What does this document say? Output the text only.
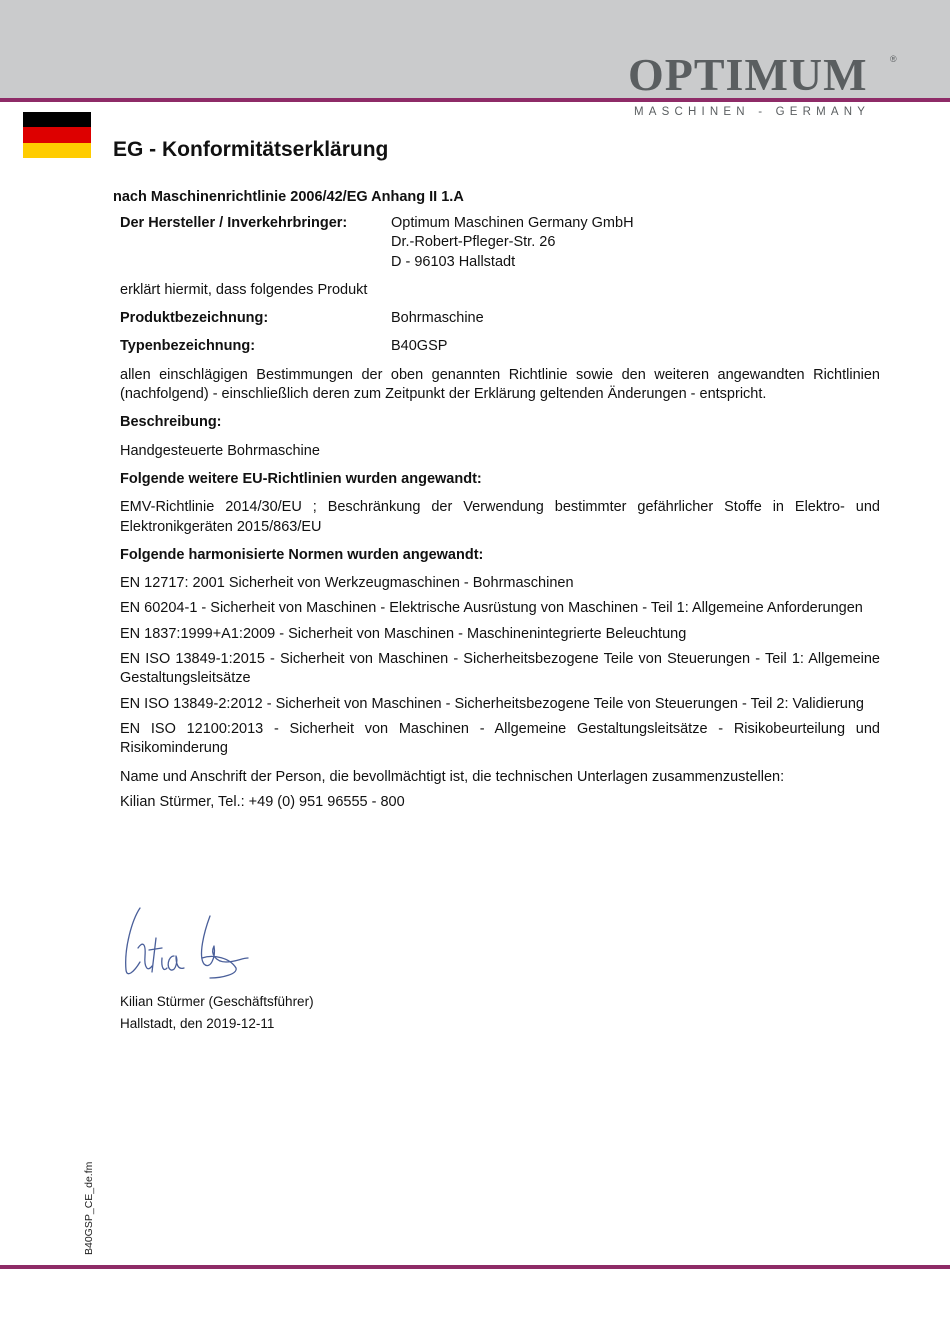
OPTIMUM ®
MASCHINEN - GERMANY
EG - Konformitätserklärung
nach Maschinenrichtlinie 2006/42/EG Anhang II 1.A
Der Hersteller / Inverkehrbringer:	Optimum Maschinen Germany GmbH
Dr.-Robert-Pfleger-Str. 26
D - 96103 Hallstadt

erklärt hiermit, dass folgendes Produkt

Produktbezeichnung:	Bohrmaschine
Typenbezeichnung:	B40GSP

allen einschlägigen Bestimmungen der oben genannten Richtlinie sowie den weiteren angewandten Richtlinien (nachfolgend) - einschließlich deren zum Zeitpunkt der Erklärung geltenden Änderungen - entspricht.

Beschreibung:

Handgesteuerte Bohrmaschine

Folgende weitere EU-Richtlinien wurden angewandt:

EMV-Richtlinie 2014/30/EU ; Beschränkung der Verwendung bestimmter gefährlicher Stoffe in Elektro- und Elektronikgeräten 2015/863/EU

Folgende harmonisierte Normen wurden angewandt:

EN 12717: 2001 Sicherheit von Werkzeugmaschinen - Bohrmaschinen

EN 60204-1 - Sicherheit von Maschinen - Elektrische Ausrüstung von Maschinen - Teil 1: Allgemeine Anforderungen

EN 1837:1999+A1:2009 - Sicherheit von Maschinen - Maschinenintegrierte Beleuchtung

EN ISO 13849-1:2015 - Sicherheit von Maschinen - Sicherheitsbezogene Teile von Steuerungen - Teil 1: Allgemeine Gestaltungsleitsätze

EN ISO 13849-2:2012 - Sicherheit von Maschinen - Sicherheitsbezogene Teile von Steuerungen - Teil 2: Validierung

EN ISO 12100:2013 - Sicherheit von Maschinen - Allgemeine Gestaltungsleitsätze - Risikobeurteilung und Risikominderung

Name und Anschrift der Person, die bevollmächtigt ist, die technischen Unterlagen zusammenzustellen:

Kilian Stürmer, Tel.: +49 (0) 951 96555 - 800

Kilian Stürmer (Geschäftsführer)
Hallstadt, den 2019-12-11
B40GSP_CE_de.fm
